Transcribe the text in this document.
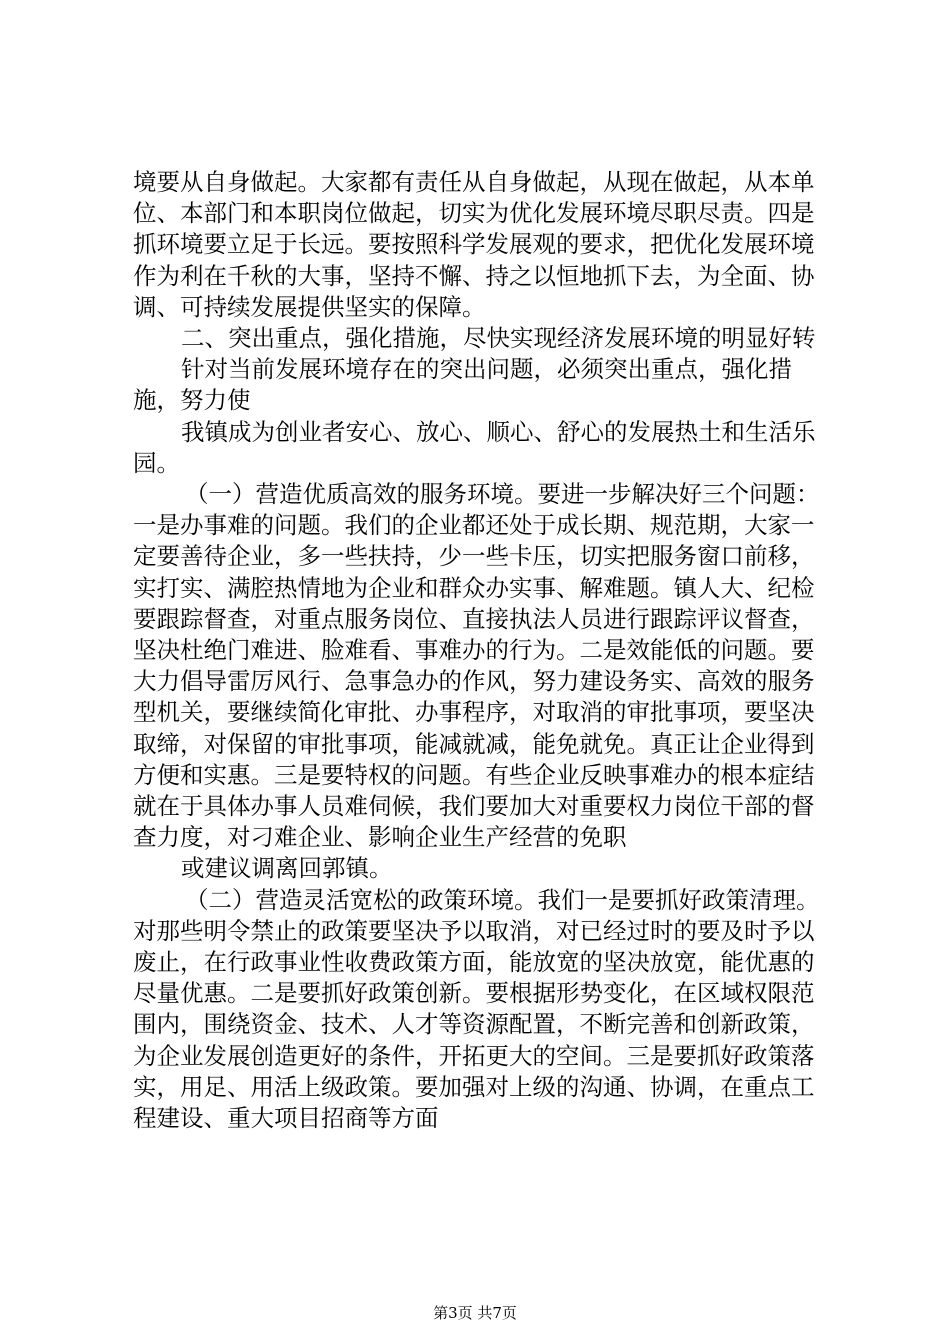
境要从自身做起。大家都有责任从自身做起，从现在做起，从本单位、本部门和本职岗位做起，切实为优化发展环境尽职尽责。四是抓环境要立足于长远。要按照科学发展观的要求，把优化发展环境作为利在千秋的大事，坚持不懈、持之以恒地抓下去，为全面、协调、可持续发展提供坚实的保障。

二、突出重点，强化措施，尽快实现经济发展环境的明显好转

针对当前发展环境存在的突出问题，必须突出重点，强化措施，努力使

我镇成为创业者安心、放心、顺心、舒心的发展热土和生活乐园。

（一）营造优质高效的服务环境。要进一步解决好三个问题：一是办事难的问题。我们的企业都还处于成长期、规范期，大家一定要善待企业，多一些扶持，少一些卡压，切实把服务窗口前移，实打实、满腔热情地为企业和群众办实事、解难题。镇人大、纪检要跟踪督查，对重点服务岗位、直接执法人员进行跟踪评议督查，坚决杜绝门难进、脸难看、事难办的行为。二是效能低的问题。要大力倡导雷厉风行、急事急办的作风，努力建设务实、高效的服务型机关，要继续简化审批、办事程序，对取消的审批事项，要坚决取缔，对保留的审批事项，能减就减，能免就免。真正让企业得到方便和实惠。三是要特权的问题。有些企业反映事难办的根本症结就在于具体办事人员难伺候，我们要加大对重要权力岗位干部的督查力度，对刁难企业、影响企业生产经营的免职

或建议调离回郭镇。

（二）营造灵活宽松的政策环境。我们一是要抓好政策清理。对那些明令禁止的政策要坚决予以取消，对已经过时的要及时予以废止，在行政事业性收费政策方面，能放宽的坚决放宽，能优惠的尽量优惠。二是要抓好政策创新。要根据形势变化，在区域权限范围内，围绕资金、技术、人才等资源配置，不断完善和创新政策，为企业发展创造更好的条件，开拓更大的空间。三是要抓好政策落实，用足、用活上级政策。要加强对上级的沟通、协调，在重点工程建设、重大项目招商等方面

第3页 共7页
